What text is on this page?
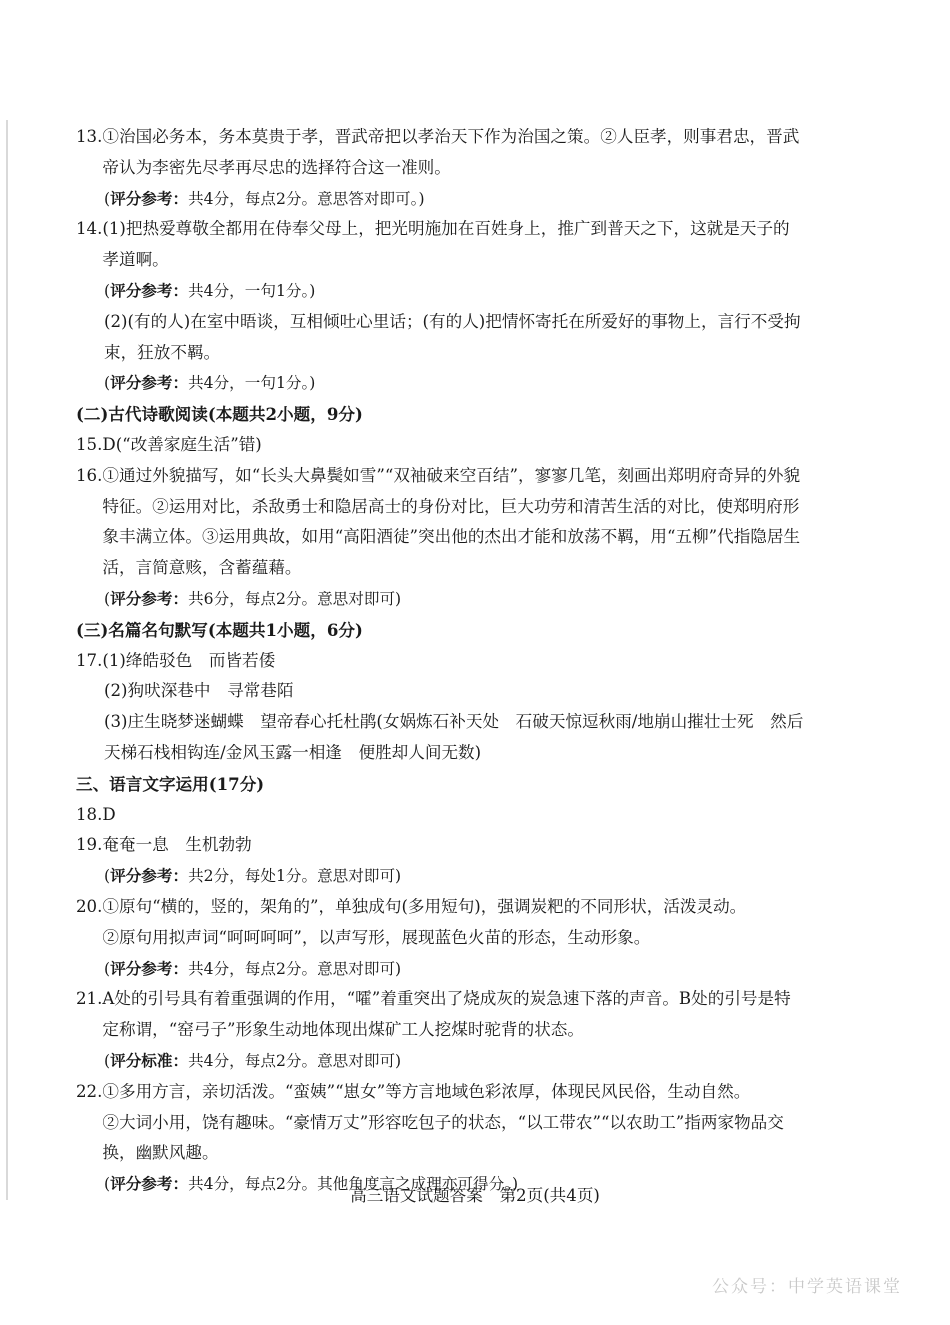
13. ①治国必务本，务本莫贵于孝，晋武帝把以孝治天下作为治国之策。②人臣孝，则事君忠，晋武帝认为李密先尽孝再尽忠的选择符合这一准则。
(评分参考：共4分，每点2分。意思答对即可。)
14. (1)把热爱尊敬全都用在侍奉父母上，把光明施加在百姓身上，推广到普天之下，这就是天子的孝道啊。
(评分参考：共4分，一句1分。)
(2)(有的人)在室中晤谈，互相倾吐心里话；(有的人)把情怀寄托在所爱好的事物上，言行不受拘束，狂放不羁。
(评分参考：共4分，一句1分。)
(二)古代诗歌阅读(本题共2小题，9分)
15. D(“改善家庭生活”错)
16. ①通过外貌描写，如“长头大鼻鬓如雪”“双袖破来空百结”，寥寥几笔，刻画出郑明府奇异的外貌特征。②运用对比，杀敌勇士和隐居高士的身份对比，巨大功劳和清苦生活的对比，使郑明府形象丰满立体。③运用典故，如用“高阳酒徒”突出他的杰出才能和放荡不羁，用“五柳”代指隐居生活，言简意赅，含蓄蕴藉。
(评分参考：共6分，每点2分。意思对即可)
(三)名篇名句默写(本题共1小题，6分)
17. (1)绛皓驳色　而皆若倭
(2)狗吠深巷中　寻常巷陌
(3)庄生晓梦迷蝴蝶　望帝春心托杜鹃(女娲炼石补天处　石破天惊逗秋雨/地崩山摧壮士死　然后天梯石栈相钩连/金风玉露一相逢　便胜却人间无数)
三、语言文字运用(17分)
18. D
19. 奄奄一息　生机勃勃
(评分参考：共2分，每处1分。意思对即可)
20. ①原句“横的，竖的，架角的”，单独成句(多用短句)，强调炭粑的不同形状，活泼灵动。
②原句用拟声词“呵呵呵呵”，以声写形，展现蓝色火苗的形态，生动形象。
(评分参考：共4分，每点2分。意思对即可)
21. A处的引号具有着重强调的作用，“嚯”着重突出了烧成灰的炭急速下落的声音。B处的引号是特定称谓，“窑弓子”形象生动地体现出煤矿工人挖煤时驼背的状态。
(评分标准：共4分，每点2分。意思对即可)
22. ①多用方言，亲切活泼。“蛮姨”“崽女”等方言地域色彩浓厚，体现民风民俗，生动自然。
②大词小用，饶有趣味。“豪情万丈”形容吃包子的状态，“以工带农”“以农助工”指两家物品交换，幽默风趣。
(评分参考：共4分，每点2分。其他角度言之成理亦可得分。)
高三语文试题答案　第2页(共4页)
公众号：中学英语课堂
